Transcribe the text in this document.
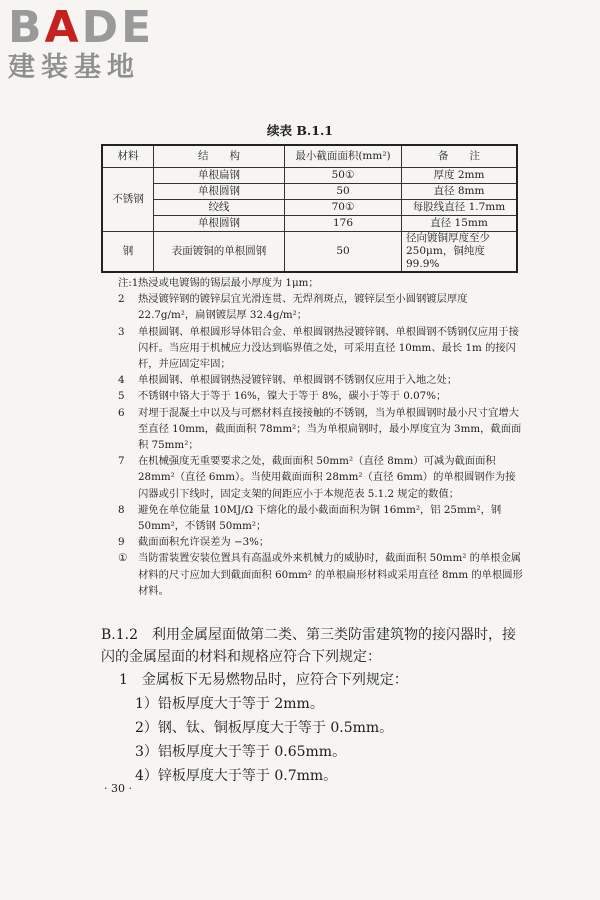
BADE
建装基地
续表 B.1.1
材料	结　　构	最小截面面积(mm²)	备　　注
不锈钢	单根扁钢	50①	厚度 2mm
	单根圆钢	50	直径 8mm
	绞线	70①	每股线直径 1.7mm
	单根圆钢	176	直径 15mm
钢	表面镀铜的单根圆钢	50	径向镀铜厚度至少 250μm，铜纯度 99.9%
注:1 热浸或电镀锡的锡层最小厚度为 1μm；
2	热浸镀锌钢的镀锌层宜光滑连贯、无焊剂斑点，镀锌层至小圆钢镀层厚度 22.7g/m²，扁钢镀层厚 32.4g/m²；
3	单根圆钢、单根圆形导体铝合金、单根圆钢热浸镀锌钢、单根圆钢不锈钢仅应用于接闪杆。当应用于机械应力没达到临界值之处，可采用直径 10mm、最长 1m 的接闪杆，并应固定牢固；
4	单根圆钢、单根圆钢热浸镀锌钢、单根圆钢不锈钢仅应用于入地之处；
5	不锈钢中铬大于等于 16%，镍大于等于 8%，碳小于等于 0.07%；
6	对埋于混凝土中以及与可燃材料直接接触的不锈钢，当为单根圆钢时最小尺寸宜增大至直径 10mm，截面面积 78mm²；当为单根扁钢时，最小厚度宜为 3mm，截面面积 75mm²；
7	在机械强度无重要要求之处，截面面积 50mm²（直径 8mm）可减为截面面积 28mm²（直径 6mm）。当使用截面面积 28mm²（直径 6mm）的单根圆钢作为接闪器或引下线时，固定支架的间距应小于本规范表 5.1.2 规定的数值；
8	避免在单位能量 10MJ/Ω 下熔化的最小截面面积为铜 16mm²，铝 25mm²，钢 50mm²，不锈钢 50mm²；
9	截面面积允许误差为 −3%；
①	当防雷装置安装位置具有高温或外来机械力的威胁时，截面面积 50mm² 的单根金属材料的尺寸应加大到截面面积 60mm² 的单根扁形材料或采用直径 8mm 的单根圆形材料。
B.1.2　利用金属屋面做第二类、第三类防雷建筑物的接闪器时，接闪的金属屋面的材料和规格应符合下列规定：
1　金属板下无易燃物品时，应符合下列规定：
1）铅板厚度大于等于 2mm。
2）钢、钛、铜板厚度大于等于 0.5mm。
3）铝板厚度大于等于 0.65mm。
4）锌板厚度大于等于 0.7mm。
· 30 ·
